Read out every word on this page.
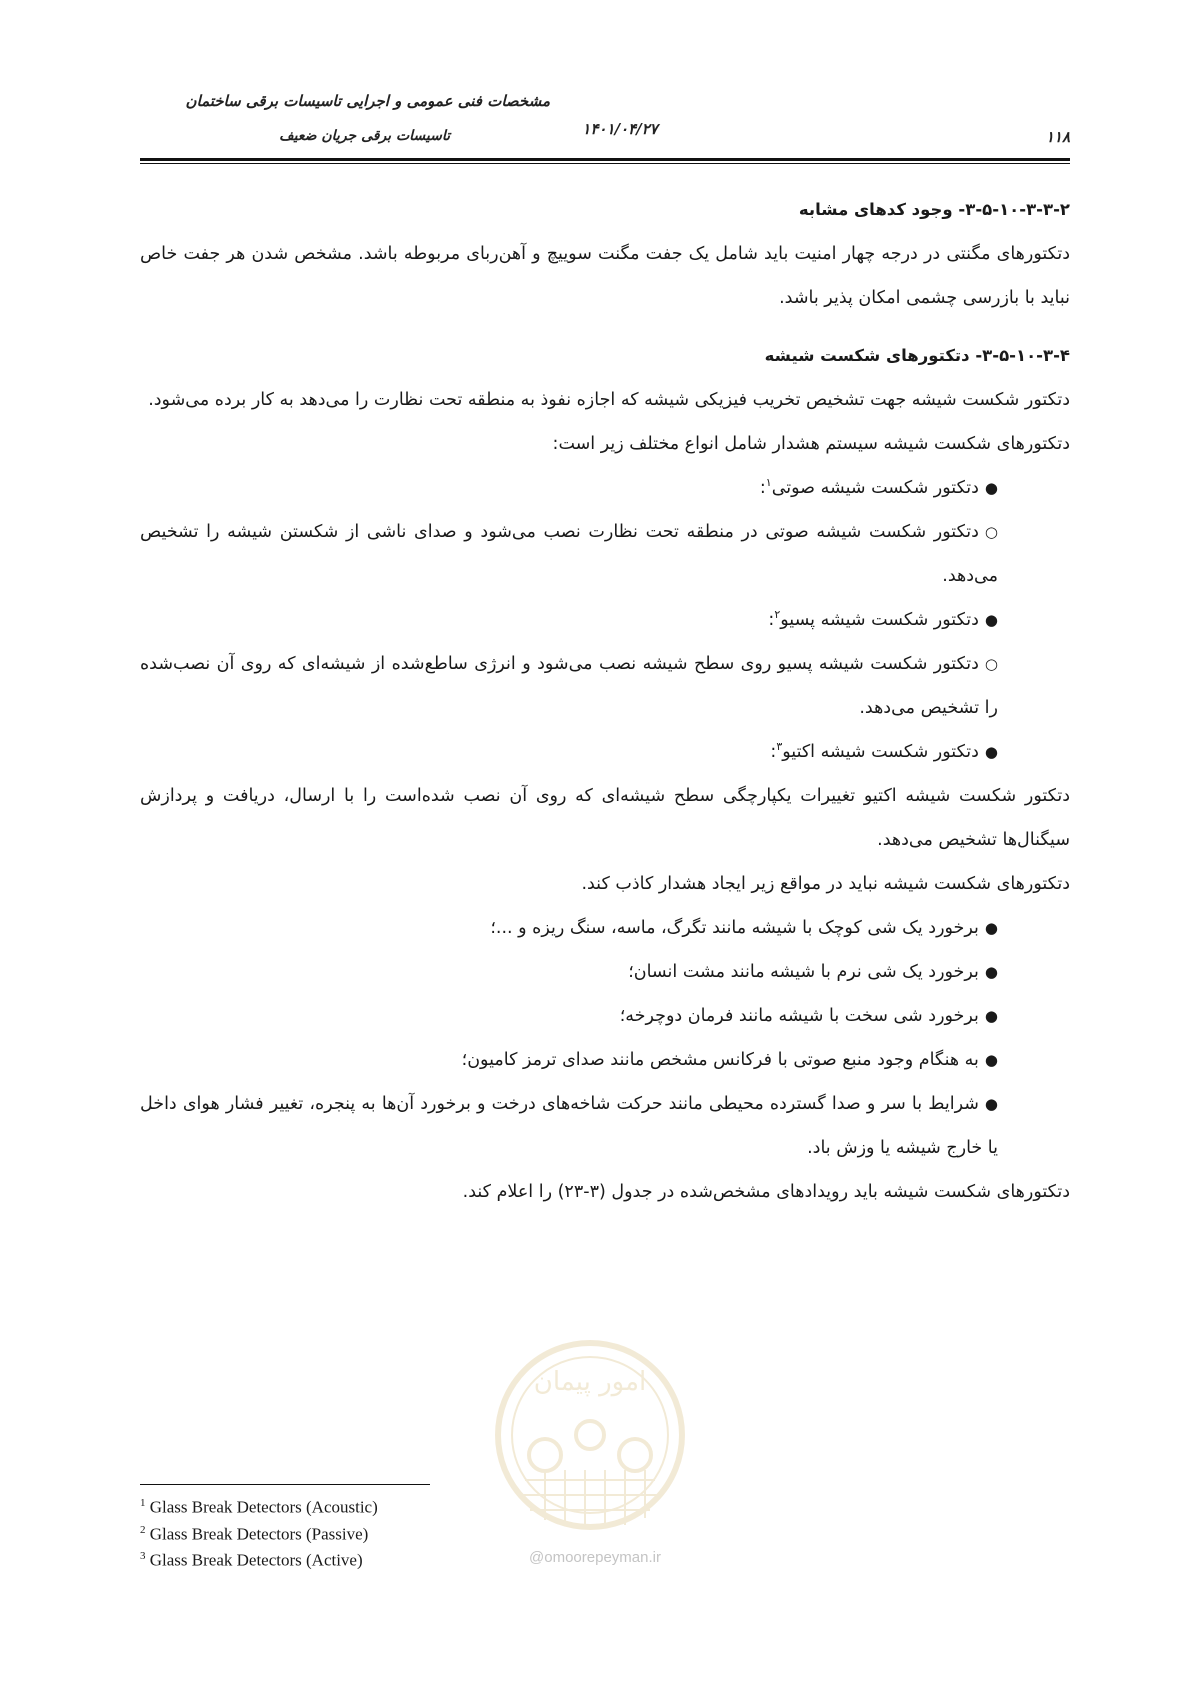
مشخصات فنی عمومی و اجرایی تاسیسات برقی ساختمان
تاسیسات برقی جریان ضعیف	۱۴۰۱/۰۴/۲۷	۱۱۸
۳-۵-۱۰-۳-۳-۲- وجود کدهای مشابه

دتکتورهای مگنتی در درجه چهار امنیت باید شامل یک جفت مگنت سوییچ و آهن‌ربای مربوطه باشد. مشخص شدن هر جفت خاص نباید با بازرسی چشمی امکان پذیر باشد.

۳-۵-۱۰-۳-۴- دتکتورهای شکست شیشه

دتکتور شکست شیشه جهت تشخیص تخریب فیزیکی شیشه که اجازه نفوذ به منطقه تحت نظارت را می‌دهد به کار برده می‌شود.

دتکتورهای شکست شیشه سیستم هشدار شامل انواع مختلف زیر است:

●دتکتور شکست شیشه صوتی$^۱$:

○دتکتور شکست شیشه صوتی در منطقه تحت نظارت نصب می‌شود و صدای ناشی از شکستن شیشه را تشخیص می‌دهد.

●دتکتور شکست شیشه پسیو$^۲$:

○دتکتور شکست شیشه پسیو روی سطح شیشه نصب می‌شود و انرژی ساطع‌شده از شیشه‌ای که روی آن نصب‌شده را تشخیص می‌دهد.

●دتکتور شکست شیشه اکتیو$^۳$:

دتکتور شکست شیشه اکتیو تغییرات یکپارچگی سطح شیشه‌ای که روی آن نصب شده‌است را با ارسال، دریافت و پردازش سیگنال‌ها تشخیص می‌دهد.

دتکتورهای شکست شیشه نباید در مواقع زیر ایجاد هشدار کاذب کند.

●برخورد یک شی کوچک با شیشه مانند تگرگ، ماسه، سنگ ریزه و ...؛

●برخورد یک شی نرم با شیشه مانند مشت انسان؛

●برخورد شی سخت با شیشه مانند فرمان دوچرخه؛

●به هنگام وجود منبع صوتی با فرکانس مشخص مانند صدای ترمز کامیون؛

●شرایط با سر و صدا گسترده محیطی مانند حرکت شاخه‌های درخت و برخورد آن‌ها به پنجره، تغییر فشار هوای داخل یا خارج شیشه یا وزش باد.

دتکتورهای شکست شیشه باید رویدادهای مشخص‌شده در جدول (۳-۲۳) را اعلام کند.

امور پیمان
@omoorepeyman.ir
$^1$ Glass Break Detectors (Acoustic)
$^2$ Glass Break Detectors (Passive)
$^3$ Glass Break Detectors (Active)
